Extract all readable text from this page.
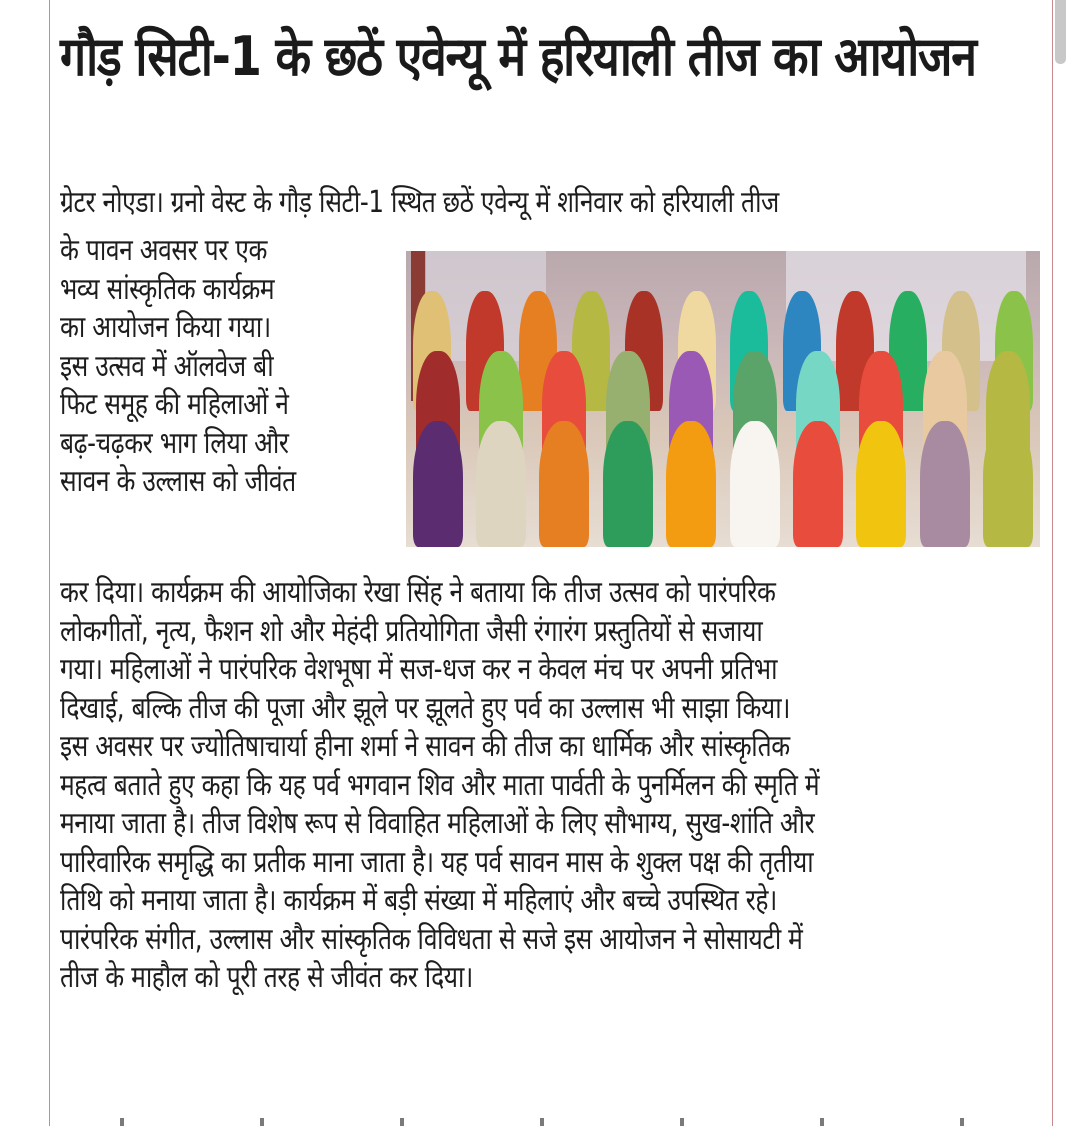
गौड़ सिटी-1 के छठें एवेन्यू में हरियाली तीज का आयोजन
ग्रेटर नोएडा। ग्रनो वेस्ट के गौड़ सिटी-1 स्थित छठें एवेन्यू में शनिवार को हरियाली तीज
के पावन अवसर पर एक
भव्य सांस्कृतिक कार्यक्रम
का आयोजन किया गया।
इस उत्सव में ऑलवेज बी
फिट समूह की महिलाओं ने
बढ़-चढ़कर भाग लिया और
सावन के उल्लास को जीवंत
कर दिया। कार्यक्रम की आयोजिका रेखा सिंह ने बताया कि तीज उत्सव को पारंपरिक
लोकगीतों, नृत्य, फैशन शो और मेहंदी प्रतियोगिता जैसी रंगारंग प्रस्तुतियों से सजाया
गया। महिलाओं ने पारंपरिक वेशभूषा में सज-धज कर न केवल मंच पर अपनी प्रतिभा
दिखाई, बल्कि तीज की पूजा और झूले पर झूलते हुए पर्व का उल्लास भी साझा किया।
इस अवसर पर ज्योतिषाचार्या हीना शर्मा ने सावन की तीज का धार्मिक और सांस्कृतिक
महत्व बताते हुए कहा कि यह पर्व भगवान शिव और माता पार्वती के पुनर्मिलन की स्मृति में
मनाया जाता है। तीज विशेष रूप से विवाहित महिलाओं के लिए सौभाग्य, सुख-शांति और
पारिवारिक समृद्धि का प्रतीक माना जाता है। यह पर्व सावन मास के शुक्ल पक्ष की तृतीया
तिथि को मनाया जाता है। कार्यक्रम में बड़ी संख्या में महिलाएं और बच्चे उपस्थित रहे।
पारंपरिक संगीत, उल्लास और सांस्कृतिक विविधता से सजे इस आयोजन ने सोसायटी में
तीज के माहौल को पूरी तरह से जीवंत कर दिया।
